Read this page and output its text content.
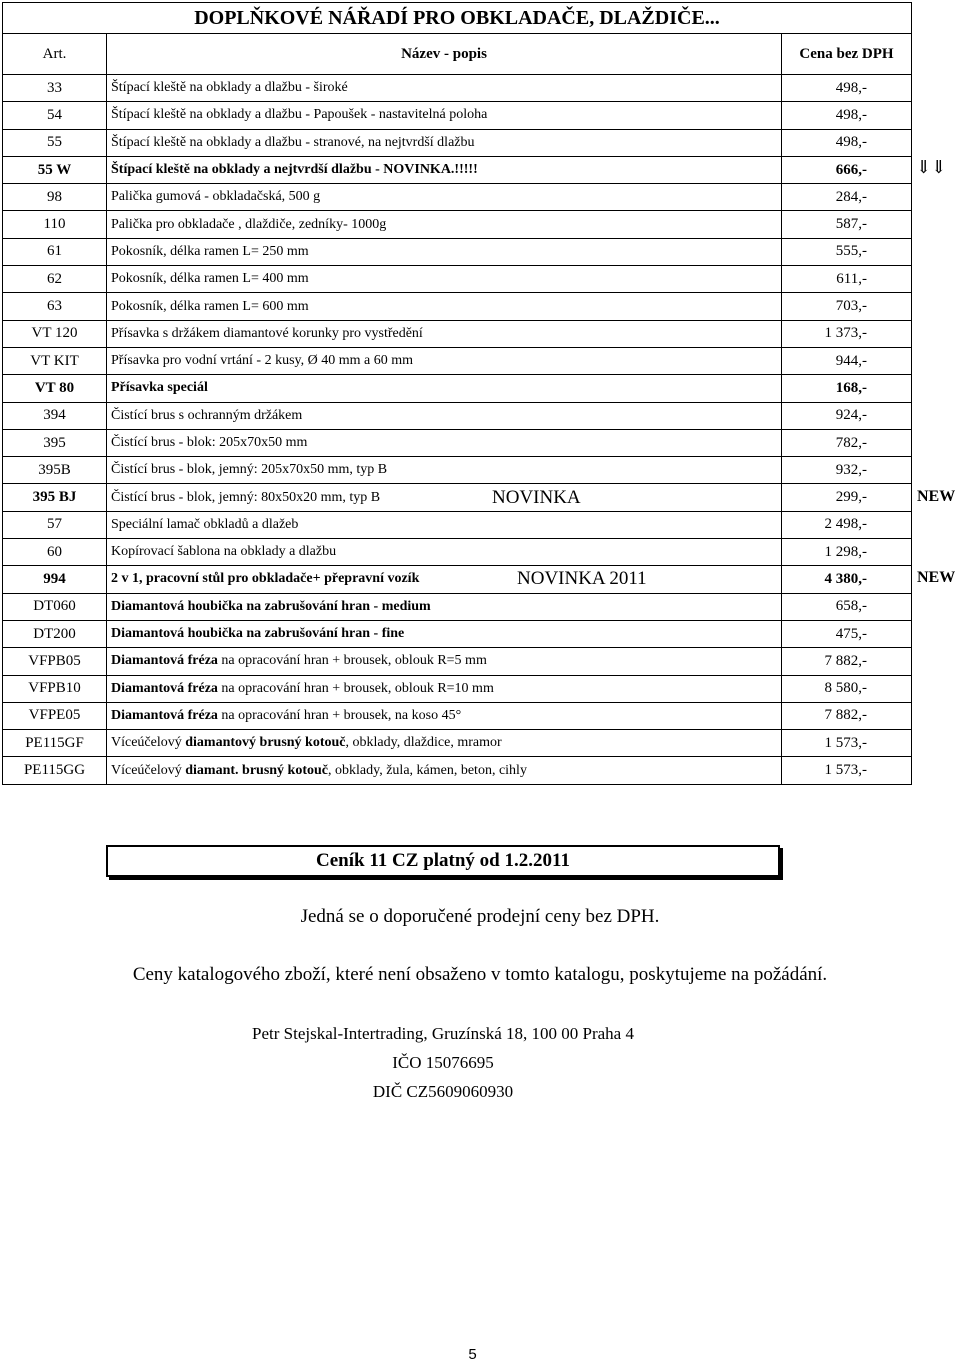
DOPLŇKOVÉ NÁŘADÍ PRO OBKLADAČE, DLAŽDIČE...		
Art.	Název - popis	Cena bez DPH
33	Štípací kleště na obklady a dlažbu - široké	498,-
54	Štípací kleště na obklady a dlažbu - Papoušek - nastavitelná poloha	498,-
55	Štípací kleště na obklady a dlažbu - stranové, na nejtvrdší dlažbu	498,-
55 W	Štípací kleště na obklady a nejtvrdší dlažbu - NOVINKA.!!!!!	666,-
98	Palička gumová - obkladačská, 500 g	284,-
110	Palička pro obkladače , dlaždiče, zedníky- 1000g	587,-
61	Pokosník, délka ramen L= 250 mm	555,-
62	Pokosník, délka ramen L= 400 mm	611,-
63	Pokosník, délka ramen L= 600 mm	703,-
VT 120	Přísavka s držákem diamantové korunky pro vystředění	1 373,-
VT KIT	Přísavka pro vodní vrtání - 2 kusy, Ø 40 mm a 60 mm	944,-
VT 80	Přísavka speciál	168,-
394	Čistící brus s ochranným držákem	924,-
395	Čistící brus - blok: 205x70x50 mm	782,-
395B	Čistící brus - blok, jemný: 205x70x50 mm, typ B	932,-
395 BJ	Čistící brus - blok, jemný: 80x50x20 mm, typ B NOVINKA	299,-
57	Speciální lamač obkladů a dlažeb	2 498,-
60	Kopírovací šablona na obklady a dlažbu	1 298,-
994	2 v 1, pracovní stůl pro obkladače+ přepravní vozík NOVINKA 2011	4 380,-
DT060	Diamantová houbička na zabrušování hran - medium	658,-
DT200	Diamantová houbička na zabrušování hran - fine	475,-
VFPB05	Diamantová fréza na opracování hran + brousek, oblouk R=5 mm	7 882,-
VFPB10	Diamantová fréza na opracování hran + brousek, oblouk R=10 mm	8 580,-
VFPE05	Diamantová fréza na opracování hran + brousek, na koso 45°	7 882,-
PE115GF	Víceúčelový diamantový brusný kotouč, obklady, dlaždice, mramor	1 573,-
PE115GG	Víceúčelový diamant. brusný kotouč, obklady, žula, kámen, beton, cihly	1 573,-
⇓⇓
NEW
NEW
Ceník 11 CZ platný od 1.2.2011
Jedná se o doporučené prodejní ceny bez DPH.
Ceny katalogového zboží, které není obsaženo v tomto katalogu, poskytujeme na požádání.
Petr Stejskal-Intertrading, Gruzínská 18, 100 00 Praha 4
IČO 15076695
DIČ CZ5609060930
5
